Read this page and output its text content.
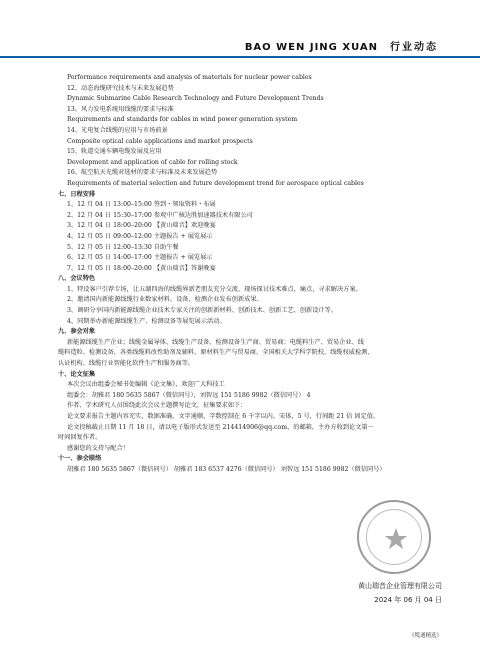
BAO WEN JING XUAN 行业动态
Performance requirements and analysis of materials for nuclear power cables
12、动态海缆研究技术与未来发展趋势
Dynamic Submarine Cable Research Technology and Future Development Trends
13、风力发电系统用线缆的要求与标准
Requirements and standards for cables in wind power generation system
14、光电复合线缆的应用与市场前景
Composite optical cable applications and market prospects
15、轨道交通车辆电缆发展及应用
Development and application of cable for rolling stock
16、航空航天光缆对选材的要求与标准及未来发展趋势
Requirements of material selection and future development trend for aerospace optical cables
七、日程安排
1、12 月 04 日 13:00–15:00 签到・领取资料・布展
2、12 月 04 日 15:30–17:00 参观中广核达胜加速器技术有限公司
3、12 月 04 日 18:00–20:00 【黄山瑞音】欢迎晚宴
4、12 月 05 日 09:00–12:00 主题报告 + 展览展示
5、12 月 05 日 12:00–13:30 自助午餐
6、12 月 05 日 14:00–17:00 主题报告 + 展览展示
7、12 月 05 日 18:00–20:00 【黄山瑞音】答谢晚宴
八、会议特色
1、特设客户引荐专场，让五湖四海的线缆界新老朋友充分交流，现场探讨技术难点、痛点，寻求解决方案。
2、邀请国内新能源线缆行业数家材料、设备、检测企业发布创新成果。
3、调研分享国内新能源线缆企业技术专家关注的创新新材料、创新技术、创新工艺、创新设计等。
4、同期举办新能源线缆生产、检测设备等展览展示活动。
九、参会对象
新能源线缆生产企业；线缆金属导体、线缆生产设备、检测设备生产商、贸易商；电缆料生产、贸易企业、线
缆料造粒、检测设备、各类线缆料改性助剂及辅料、原材料生产与贸易商、全国相关大学科学院校、线缆权威检测、
认证机构、线缆行业智能化软件生产和服务商等。
十、论文征集
本次会议由组委会秘书处编辑《论文集》，欢迎广大科技工
组委会：胡雅君 180 5635 5867（微信同号），刘智远 151 5186 9982（微信同号） 4
作者、学术研究人员围绕此次会议主题撰写论文，征集要求如下：
论文要求报告主题内容充实，数据准确，文字通顺，字数控制在 6 千字以内，宋体，5 号，行间距 21 倍 固定值。
论文投稿截止日期 11 月 18 日，请以电子版形式发送至 214414906@qq.com，的邮箱，主办方收到论文第一
时间回复作者。
感谢您的支持与配合！
十一、参会联络
胡雅君 180 5635 5867（微信同号） 胡雅君 183 6537 4276（微信同号） 刘智远 151 5186 9982（微信同号）
黄山瑞音企业管理有限公司
2024 年 06 月 04 日
《缆通精选》
